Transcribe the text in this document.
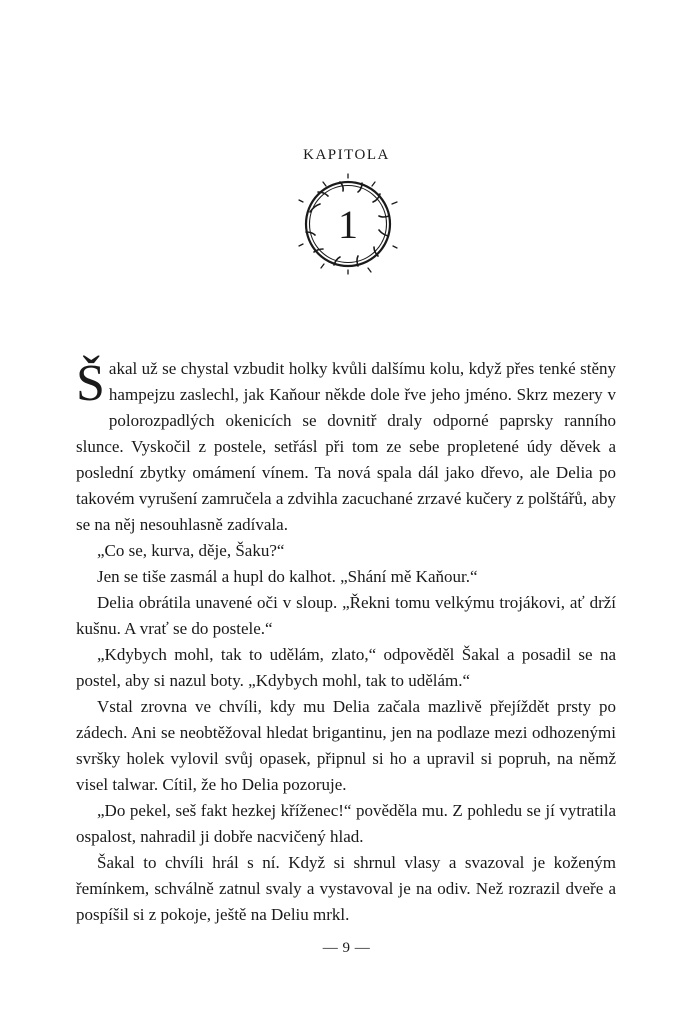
KAPITOLA
1

Šakal už se chystal vzbudit holky kvůli dalšímu kolu, když přes tenké stěny hampejzu zaslechl, jak Kaňour někde dole řve jeho jméno. Skrz mezery v polorozpadlých okenicích se dovnitř draly odporné paprsky ranního slunce. Vyskočil z postele, setřásl při tom ze sebe propletené údy děvek a poslední zbytky omámení vínem. Ta nová spala dál jako dřevo, ale Delia po takovém vyrušení zamručela a zdvihla zacuchané zrzavé kučery z polštářů, aby se na něj nesouhlasně zadívala.

„Co se, kurva, děje, Šaku?“

Jen se tiše zasmál a hupl do kalhot. „Shání mě Kaňour.“

Delia obrátila unavené oči v sloup. „Řekni tomu velkýmu trojákovi, ať drží kušnu. A vrať se do postele.“

„Kdybych mohl, tak to udělám, zlato,“ odpověděl Šakal a posadil se na postel, aby si nazul boty. „Kdybych mohl, tak to udělám.“

Vstal zrovna ve chvíli, kdy mu Delia začala mazlivě přejíždět prsty po zádech. Ani se neobtěžoval hledat brigantinu, jen na podlaze mezi odhozenými svršky holek vylovil svůj opasek, připnul si ho a upravil si popruh, na němž visel talwar. Cítil, že ho Delia pozoruje.

„Do pekel, seš fakt hezkej kříženec!“ pověděla mu. Z pohledu se jí vytratila ospalost, nahradil ji dobře nacvičený hlad.

Šakal to chvíli hrál s ní. Když si shrnul vlasy a svazoval je koženým řemínkem, schválně zatnul svaly a vystavoval je na odiv. Než rozrazil dveře a pospíšil si z pokoje, ještě na Deliu mrkl.

— 9 —
